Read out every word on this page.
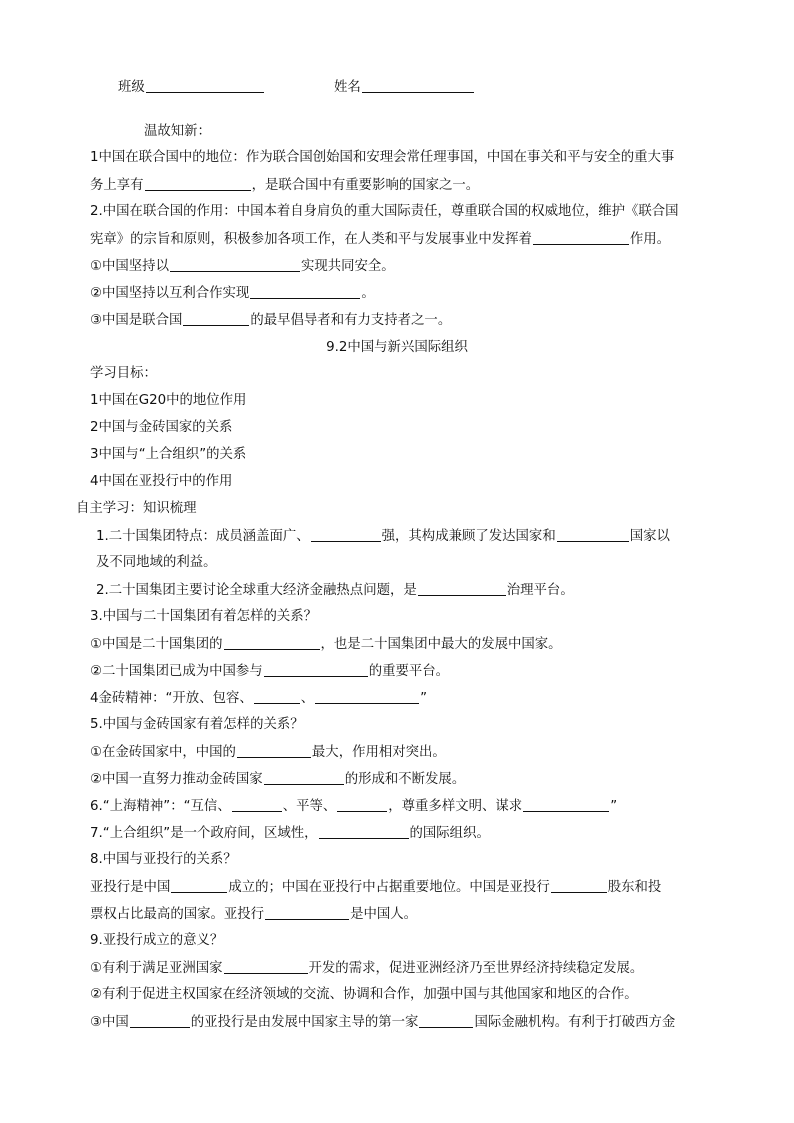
班级	姓名
温故知新：
1中国在联合国中的地位：作为联合国创始国和安理会常任理事国，中国在事关和平与安全的重大事
务上享有	，是联合国中有重要影响的国家之一。
2.中国在联合国的作用：中国本着自身肩负的重大国际责任，尊重联合国的权威地位，维护《联合国
宪章》的宗旨和原则，积极参加各项工作，在人类和平与发展事业中发挥着	作用。
①中国坚持以	实现共同安全。
②中国坚持以互利合作实现	。
③中国是联合国	的最早倡导者和有力支持者之一。
9.2中国与新兴国际组织
学习目标：
1中国在G20中的地位作用
2中国与金砖国家的关系
3中国与“上合组织”的关系
4中国在亚投行中的作用
自主学习：知识梳理
1.二十国集团特点：成员涵盖面广、	强，其构成兼顾了发达国家和	国家以
及不同地域的利益。
2.二十国集团主要讨论全球重大经济金融热点问题，是	治理平台。
3.中国与二十国集团有着怎样的关系？
①中国是二十国集团的	，也是二十国集团中最大的发展中国家。
②二十国集团已成为中国参与	的重要平台。
4金砖精神：“开放、包容、	、	”
5.中国与金砖国家有着怎样的关系？
①在金砖国家中，中国的	最大，作用相对突出。
②中国一直努力推动金砖国家	的形成和不断发展。
6.“上海精神”：“互信、	、平等、	，尊重多样文明、谋求	”
7.“上合组织”是一个政府间，区域性，	的国际组织。
8.中国与亚投行的关系？
亚投行是中国	成立的；中国在亚投行中占据重要地位。中国是亚投行	股东和投
票权占比最高的国家。亚投行	是中国人。
9.亚投行成立的意义？
①有利于满足亚洲国家	开发的需求，促进亚洲经济乃至世界经济持续稳定发展。
②有利于促进主权国家在经济领域的交流、协调和合作，加强中国与其他国家和地区的合作。
③中国	的亚投行是由发展中国家主导的第一家	国际金融机构。有利于打破西方金
